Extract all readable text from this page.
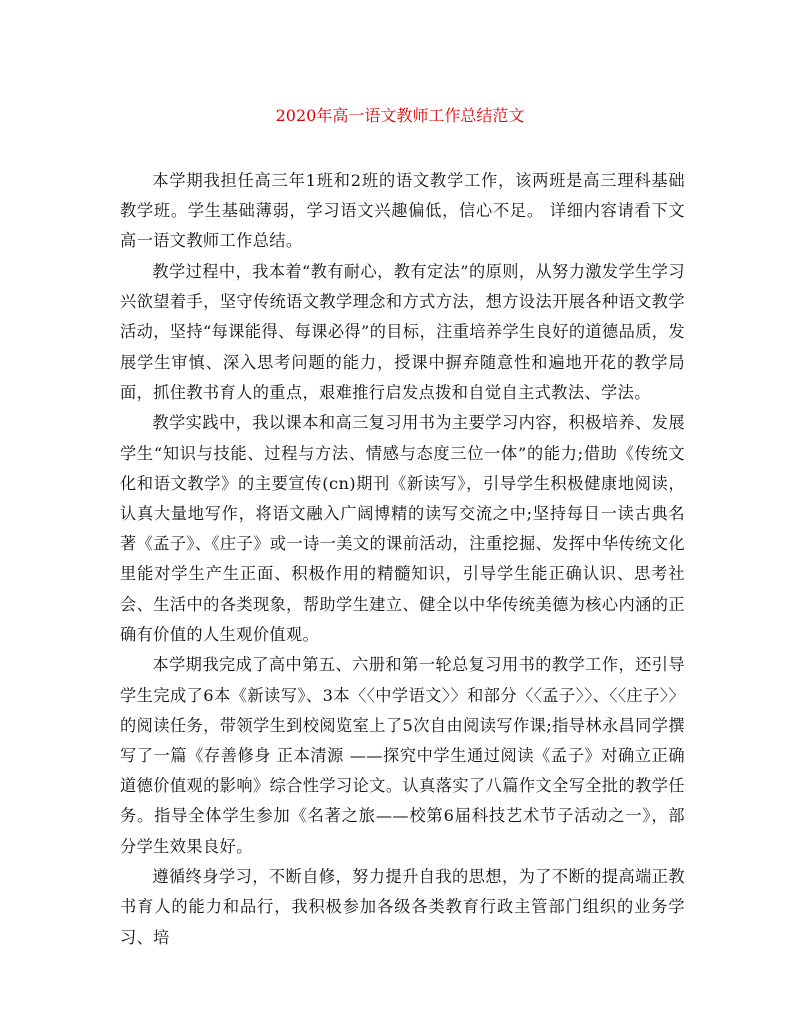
2020年高一语文教师工作总结范文

本学期我担任高三年1班和2班的语文教学工作，该两班是高三理科基础教学班。学生基础薄弱，学习语文兴趣偏低，信心不足。 详细内容请看下文高一语文教师工作总结。

教学过程中，我本着“教有耐心，教有定法”的原则，从努力激发学生学习兴欲望着手，坚守传统语文教学理念和方式方法，想方设法开展各种语文教学活动，坚持“每课能得、每课必得”的目标，注重培养学生良好的道德品质，发展学生审慎、深入思考问题的能力，授课中摒弃随意性和遍地开花的教学局面，抓住教书育人的重点，艰难推行启发点拨和自觉自主式教法、学法。

教学实践中，我以课本和高三复习用书为主要学习内容，积极培养、发展学生“知识与技能、过程与方法、情感与态度三位一体”的能力;借助《传统文化和语文教学》的主要宣传(cn)期刊《新读写》，引导学生积极健康地阅读，认真大量地写作，将语文融入广阔博精的读写交流之中;坚持每日一读古典名著《孟子》、《庄子》或一诗一美文的课前活动，注重挖掘、发挥中华传统文化里能对学生产生正面、积极作用的精髓知识，引导学生能正确认识、思考社会、生活中的各类现象，帮助学生建立、健全以中华传统美德为核心内涵的正确有价值的人生观价值观。

本学期我完成了高中第五、六册和第一轮总复习用书的教学工作，还引导学生完成了6本《新读写》、3本〈〈中学语文〉〉和部分〈〈孟子〉〉、〈〈庄子〉〉的阅读任务，带领学生到校阅览室上了5次自由阅读写作课;指导林永昌同学撰写了一篇《存善修身 正本清源 ——探究中学生通过阅读《孟子》对确立正确道德价值观的影响》综合性学习论文。认真落实了八篇作文全写全批的教学任务。指导全体学生参加《名著之旅——校第6届科技艺术节子活动之一》，部分学生效果良好。

遵循终身学习，不断自修，努力提升自我的思想，为了不断的提高端正教书育人的能力和品行，我积极参加各级各类教育行政主管部门组织的业务学习、培
